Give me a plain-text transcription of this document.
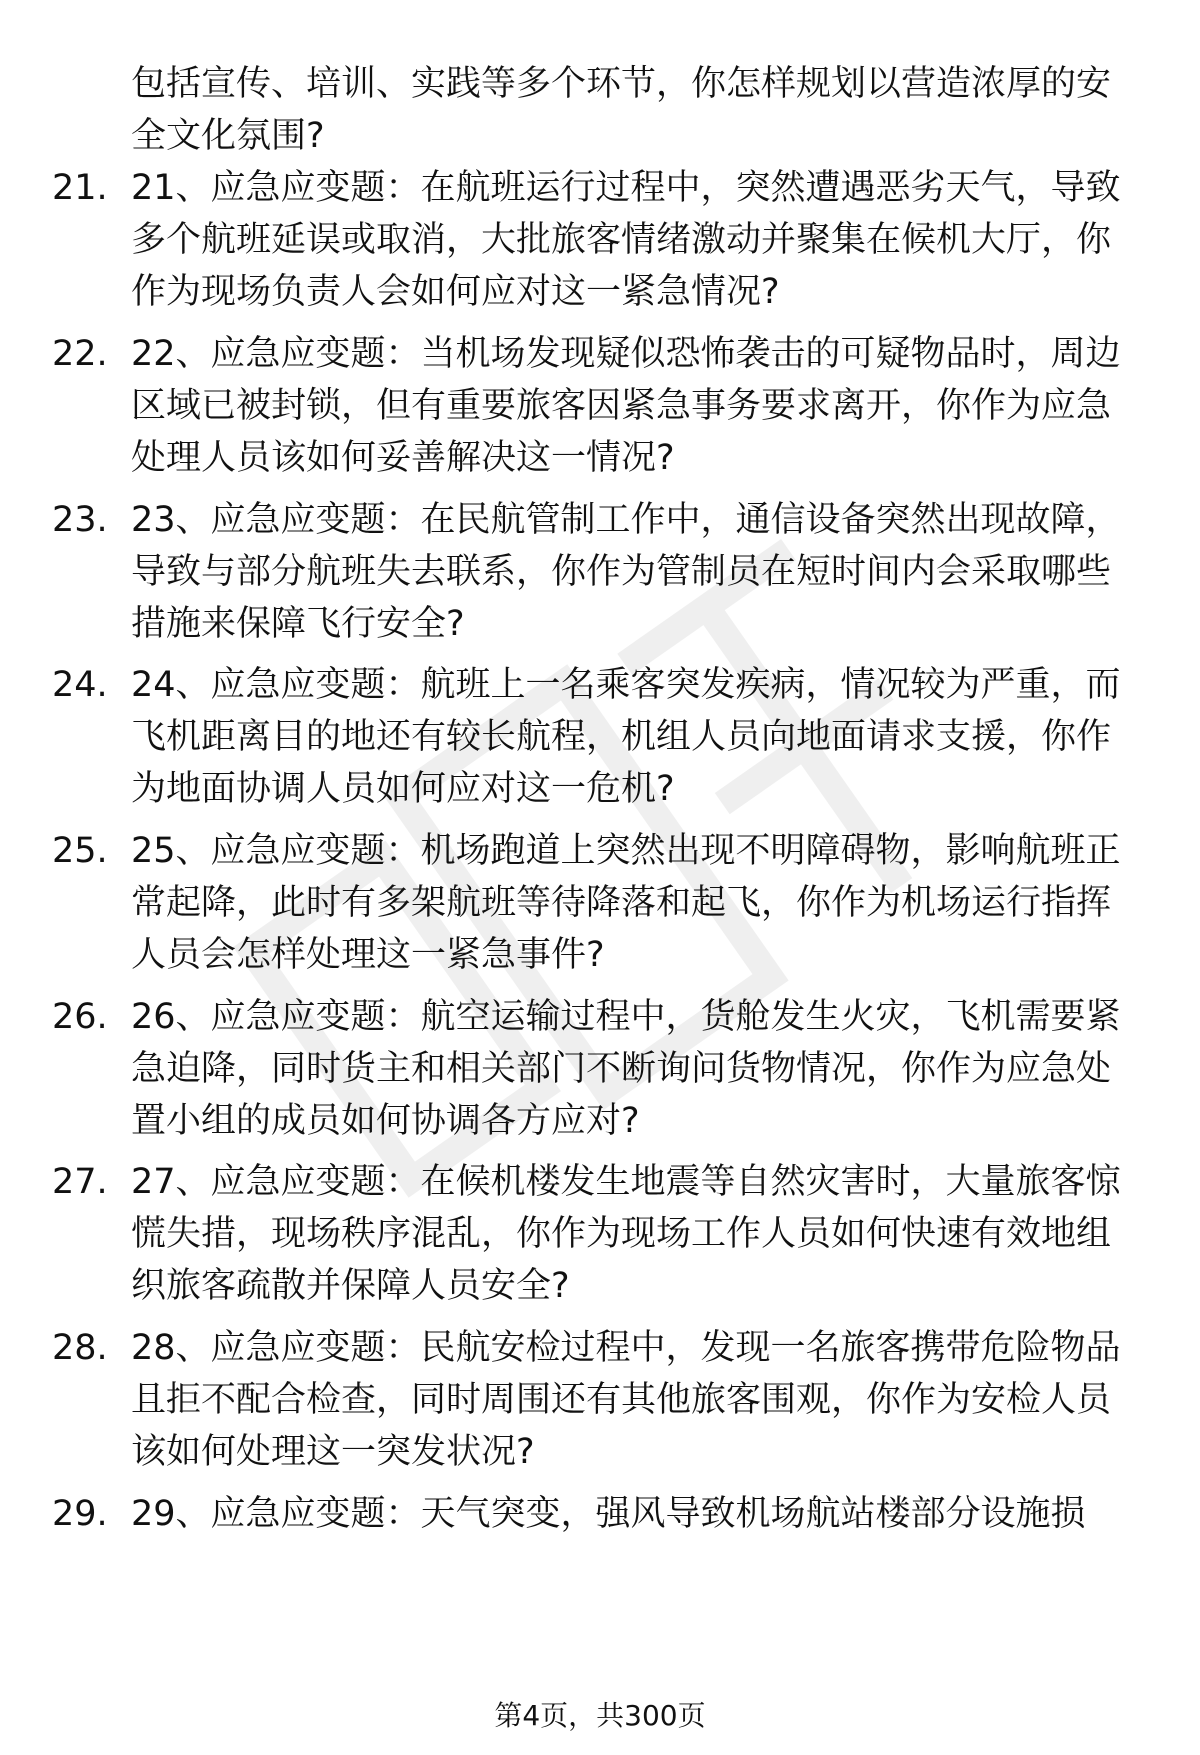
包括宣传、培训、实践等多个环节，你怎样规划以营造浓厚的安全文化氛围?

21. 21、应急应变题：在航班运行过程中，突然遭遇恶劣天气，导致多个航班延误或取消，大批旅客情绪激动并聚集在候机大厅，你作为现场负责人会如何应对这一紧急情况?

22. 22、应急应变题：当机场发现疑似恐怖袭击的可疑物品时，周边区域已被封锁，但有重要旅客因紧急事务要求离开，你作为应急处理人员该如何妥善解决这一情况?

23. 23、应急应变题：在民航管制工作中，通信设备突然出现故障，导致与部分航班失去联系，你作为管制员在短时间内会采取哪些措施来保障飞行安全?

24. 24、应急应变题：航班上一名乘客突发疾病，情况较为严重，而飞机距离目的地还有较长航程，机组人员向地面请求支援，你作为地面协调人员如何应对这一危机?

25. 25、应急应变题：机场跑道上突然出现不明障碍物，影响航班正常起降，此时有多架航班等待降落和起飞，你作为机场运行指挥人员会怎样处理这一紧急事件?

26. 26、应急应变题：航空运输过程中，货舱发生火灾，飞机需要紧急迫降，同时货主和相关部门不断询问货物情况，你作为应急处置小组的成员如何协调各方应对?

27. 27、应急应变题：在候机楼发生地震等自然灾害时，大量旅客惊慌失措，现场秩序混乱，你作为现场工作人员如何快速有效地组织旅客疏散并保障人员安全?

28. 28、应急应变题：民航安检过程中，发现一名旅客携带危险物品且拒不配合检查，同时周围还有其他旅客围观，你作为安检人员该如何处理这一突发状况?

29. 29、应急应变题：天气突变，强风导致机场航站楼部分设施损

第4页，共300页
